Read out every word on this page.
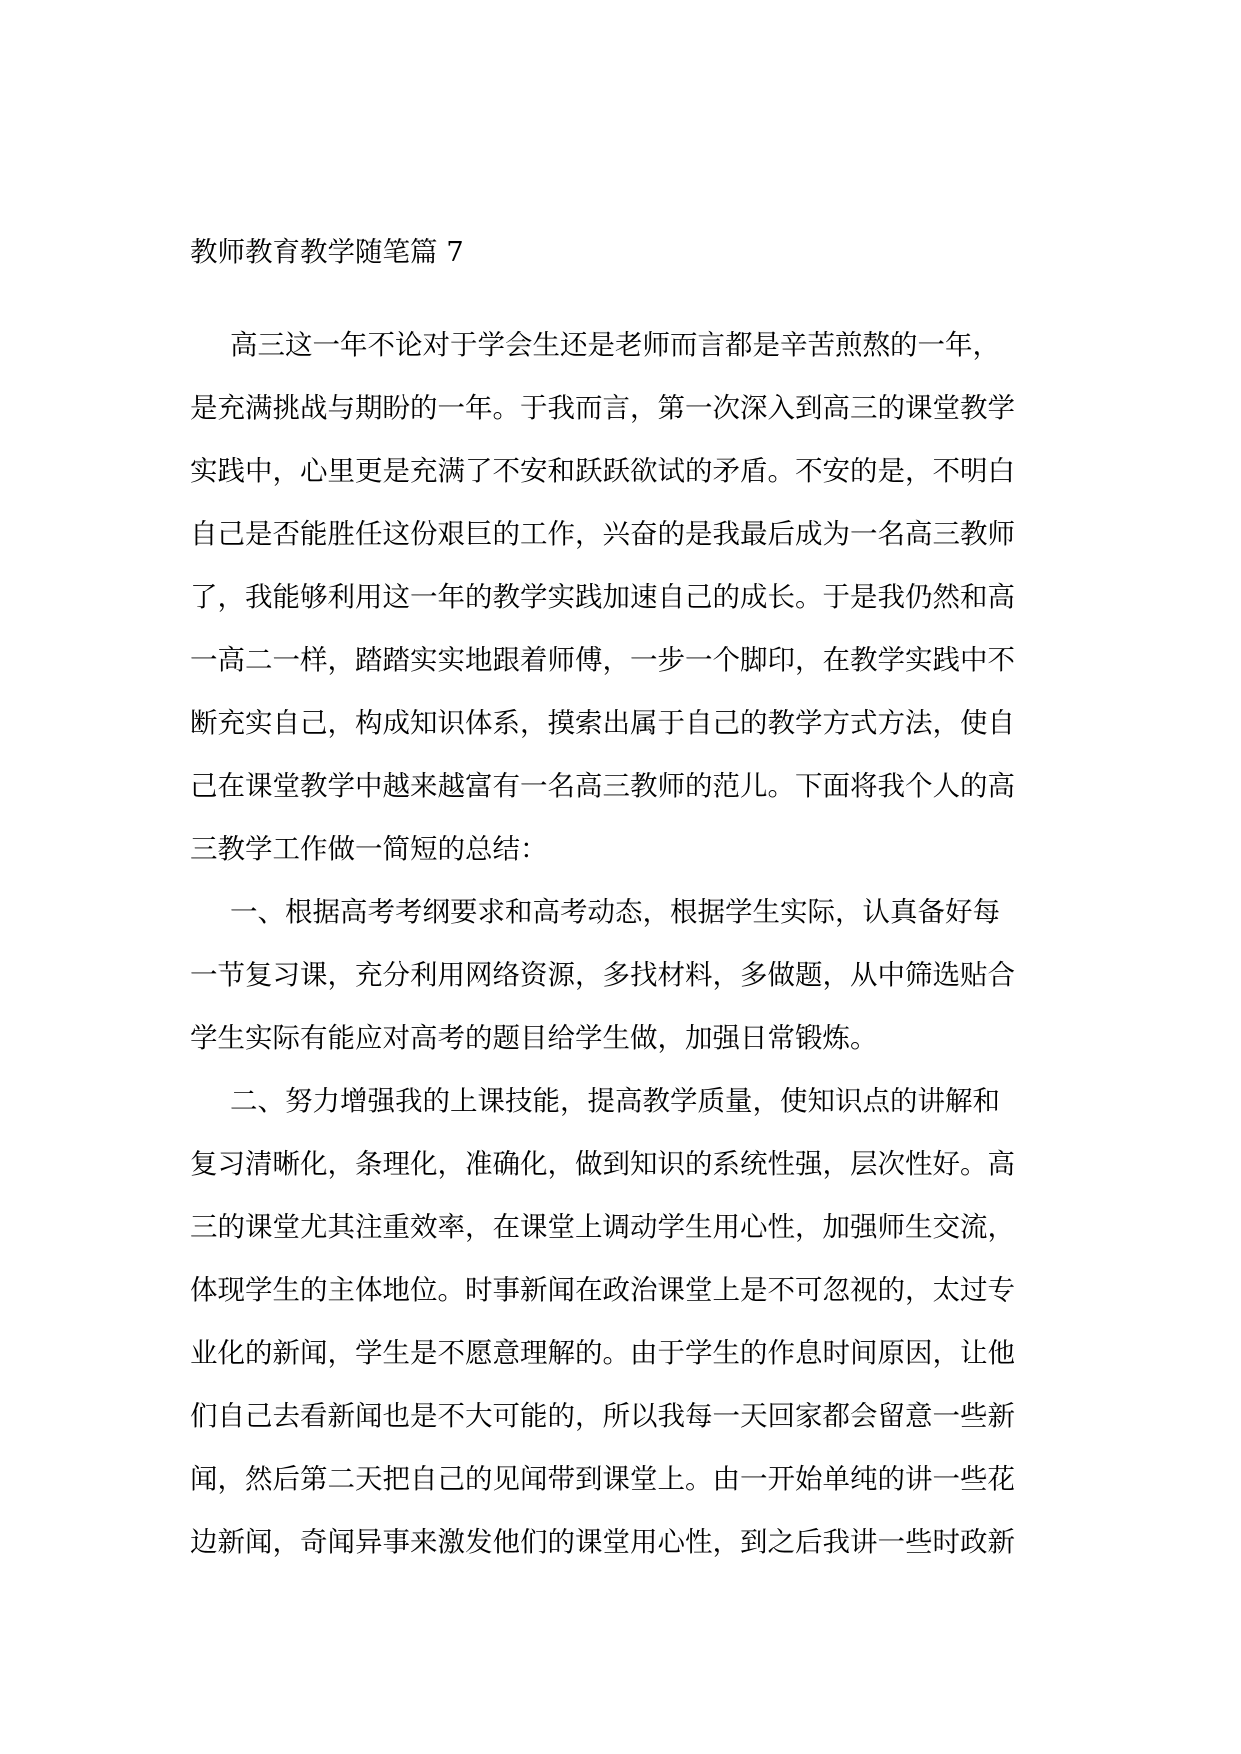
教师教育教学随笔篇 7
高三这一年不论对于学会生还是老师而言都是辛苦煎熬的一年，
是充满挑战与期盼的一年。于我而言，第一次深入到高三的课堂教学
实践中，心里更是充满了不安和跃跃欲试的矛盾。不安的是，不明白
自己是否能胜任这份艰巨的工作，兴奋的是我最后成为一名高三教师
了，我能够利用这一年的教学实践加速自己的成长。于是我仍然和高
一高二一样，踏踏实实地跟着师傅，一步一个脚印，在教学实践中不
断充实自己，构成知识体系，摸索出属于自己的教学方式方法，使自
己在课堂教学中越来越富有一名高三教师的范儿。下面将我个人的高
三教学工作做一简短的总结：
一、根据高考考纲要求和高考动态，根据学生实际，认真备好每
一节复习课，充分利用网络资源，多找材料，多做题，从中筛选贴合
学生实际有能应对高考的题目给学生做，加强日常锻炼。
二、努力增强我的上课技能，提高教学质量，使知识点的讲解和
复习清晰化，条理化，准确化，做到知识的系统性强，层次性好。高
三的课堂尤其注重效率，在课堂上调动学生用心性，加强师生交流，
体现学生的主体地位。时事新闻在政治课堂上是不可忽视的，太过专
业化的新闻，学生是不愿意理解的。由于学生的作息时间原因，让他
们自己去看新闻也是不大可能的，所以我每一天回家都会留意一些新
闻，然后第二天把自己的见闻带到课堂上。由一开始单纯的讲一些花
边新闻，奇闻异事来激发他们的课堂用心性，到之后我讲一些时政新
